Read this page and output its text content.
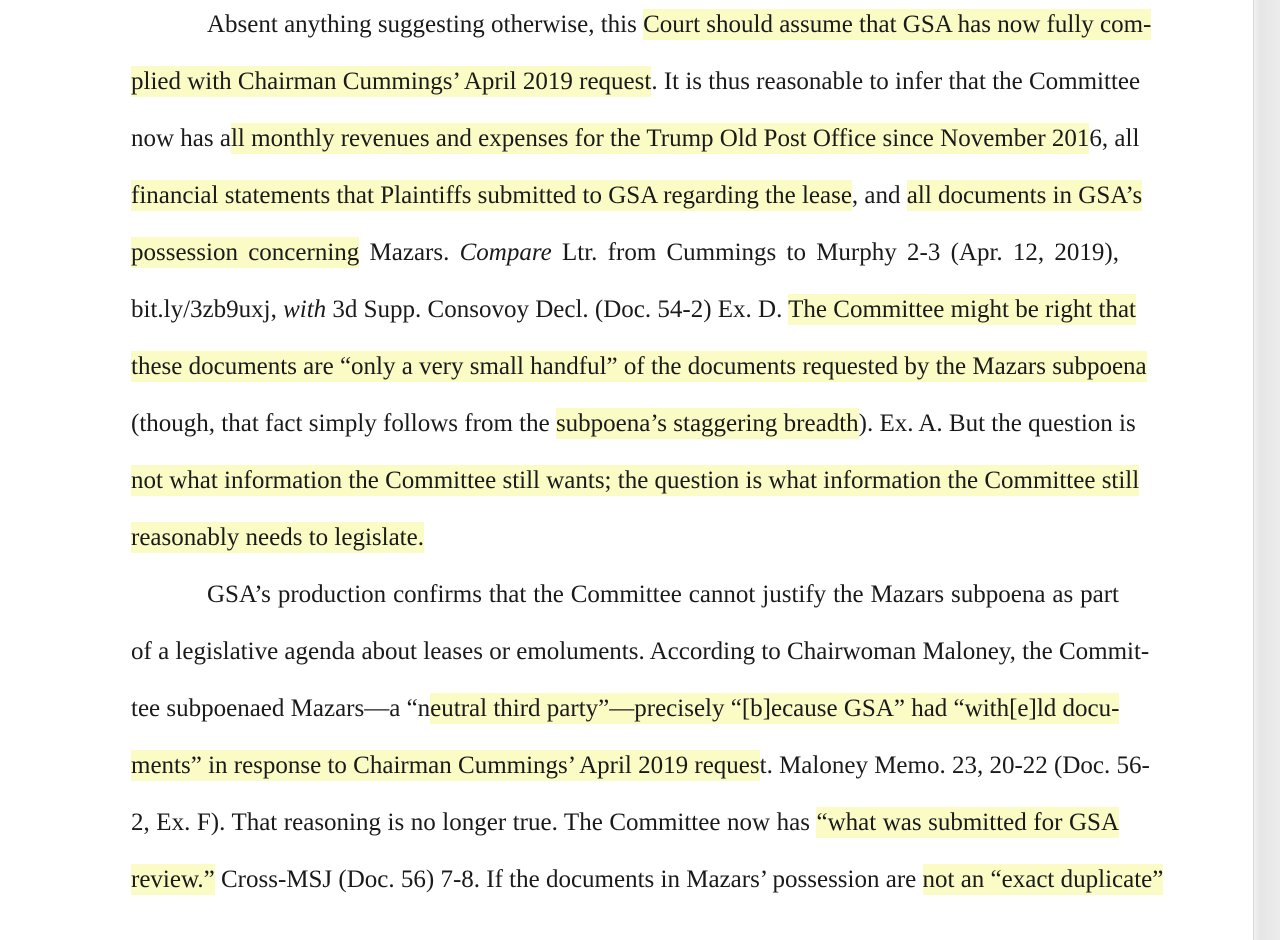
Absent anything suggesting otherwise, this Court should assume that GSA has now fully com-
plied with Chairman Cummings’ April 2019 request. It is thus reasonable to infer that the Committee
now has all monthly revenues and expenses for the Trump Old Post Office since November 2016, all
financial statements that Plaintiffs submitted to GSA regarding the lease, and all documents in GSA’s
possession concerning Mazars. Compare Ltr. from Cummings to Murphy 2-3 (Apr. 12, 2019),
bit.ly/3zb9uxj, with 3d Supp. Consovoy Decl. (Doc. 54-2) Ex. D. The Committee might be right that
these documents are “only a very small handful” of the documents requested by the Mazars subpoena
(though, that fact simply follows from the subpoena’s staggering breadth). Ex. A. But the question is
not what information the Committee still wants; the question is what information the Committee still
reasonably needs to legislate.
GSA’s production confirms that the Committee cannot justify the Mazars subpoena as part
of a legislative agenda about leases or emoluments. According to Chairwoman Maloney, the Commit-
tee subpoenaed Mazars—a “neutral third party”—precisely “[b]ecause GSA” had “with[e]ld docu-
ments” in response to Chairman Cummings’ April 2019 request. Maloney Memo. 23, 20-22 (Doc. 56-
2, Ex. F). That reasoning is no longer true. The Committee now has “what was submitted for GSA
review.” Cross-MSJ (Doc. 56) 7-8. If the documents in Mazars’ possession are not an “exact duplicate”
